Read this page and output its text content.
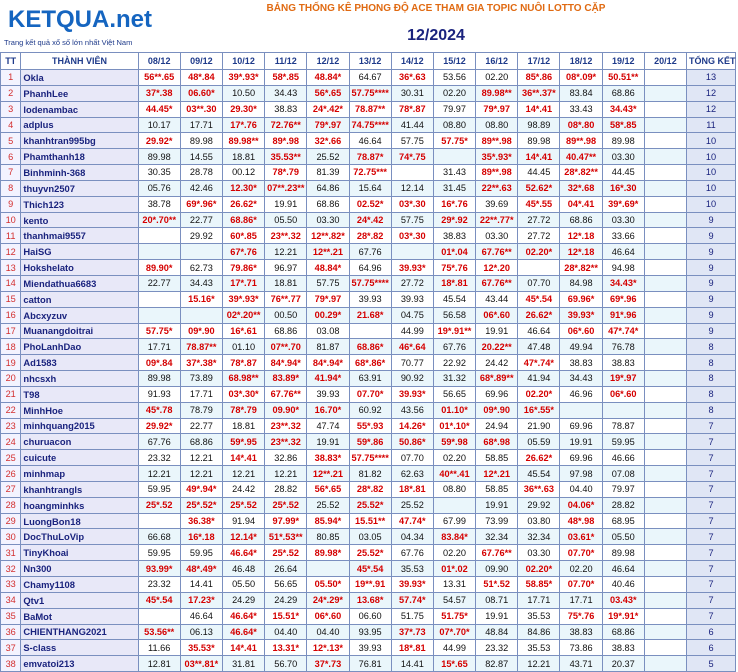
KETQUA.net
Trang kết quả xổ số lớn nhất Việt Nam
BẢNG THỐNG KÊ PHONG ĐỘ ACE THAM GIA TOPIC NUÔI LOTTO CẶP
12/2024
TT	THÀNH VIÊN	08/12	09/12	10/12	11/12	12/12	13/12	14/12	15/12	16/12	17/12	18/12	19/12	20/12	TỔNG KẾT
1	Okla	56**.65	48*.84	39*.93*	58*.85	48.84*	64.67	36*.63	53.56	02.20	85*.86	08*.09*	50.51**		13
2	PhanhLee	37*.38	06.60*	10.50	34.43	56*.65	57.75****	30.31	02.20	89.98**	36**.37*	83.84	68.86		12
3	lodenambac	44.45*	03**.30	29.30*	38.83	24*.42*	78.87**	78*.87	79.97	79*.97	14*.41	33.43	34.43*		12
4	adplus	10.17	17.71	17*.76	72.76**	79*.97	74.75****	41.44	08.80	08.80	98.89	08*.80	58*.85		11
5	khanhtran995bg	29.92*	89.98	89.98**	89*.98	32*.66	46.64	57.75	57.75*	89**.98	89.98	89**.98	89.98		10
6	Phamthanh18	89.98	14.55	18.81	35.53**	25.52	78.87*	74*.75		35*.93*	14*.41	40.47**	03.30		10
7	Binhminh-368	30.35	28.78	00.12	78*.79	81.39	72.75***		31.43	89**.98	44.45	28*.82**	44.45		10
8	thuyvn2507	05.76	42.46	12.30*	07**.23**	64.86	15.64	12.14	31.45	22**.63	52.62*	32*.68	16*.30		10
9	Thich123	38.78	69*.96*	26.62*	19.91	68.86	02.52*	03*.30	16*.76	39.69	45*.55	04*.41	39*.69*		10
10	kento	20*.70**	22.77	68.86*	05.50	03.30	24*.42	57.75	29*.92	22**.77*	27.72	68.86	03.30		9
11	thanhmai9557		29.92	60*.85	23**.32	12**.82*	28*.82	03*.30	38.83	03.30	27.72	12*.18	33.66		9
12	HaiSG			67*.76	12.21	12**.21	67.76		01*.04	67.76**	02.20*	12*.18	46.64		9
13	Hokshelato	89.90*	62.73	79.86*	96.97	48.84*	64.96	39.93*	75*.76	12*.20		28*.82**	94.98		9
14	Miendathua6683	22.77	34.43	17*.71	18.81	57.75	57.75****	27.72	18*.81	67.76**	07.70	84.98	34.43*		9
15	catton		15.16*	39*.93*	76**.77	79*.97	39.93	39.93	45.54	43.44	45*.54	69.96*	69*.96		9
16	Abcxyzuv			02*.20**	00.50	00.29*	21.68*	04.75	56.58	06*.60	26.62*	39.93*	91*.96		9
17	Muanangdoitrai	57.75*	09*.90	16*.61	68.86	03.08		44.99	19*.91**	19.91	46.64	06*.60	47*.74*		9
18	PhoLanhDao	17.71	78.87**	01.10	07**.70	81.87	68.86*	46*.64	67.76	20.22**	47.48	49.94	76.78		8
19	Ad1583	09*.84	37*.38*	78*.87	84*.94*	84*.94*	68*.86*	70.77	22.92	24.42	47*.74*	38.83	38.83		8
20	nhcsxh	89.98	73.89	68.98**	83.89*	41.94*	63.91	90.92	31.32	68*.89**	41.94	34.43	19*.97		8
21	T98	91.93	17.71	03*.30*	67.76**	39.93	07.70*	39.93*	56.65	69.96	02.20*	46.96	06*.60		8
22	MinhHoe	45*.78	78.79	78*.79	09.90*	16.70*	60.92	43.56	01.10*	09*.90	16*.55*				8
23	minhquang2015	29.92*	22.77	18.81	23**.32	47.74	55*.93	14.26*	01*.10*	24.94	21.90	69.96	78.87		7
24	churuacon	67.76	68.86	59*.95	23**.32	19.91	59*.86	50.86*	59*.98	68*.98	05.59	19.91	59.95		7
25	cuicute	23.32	12.21	14*.41	32.86	38.83*	57.75****	07.70	02.20	58.85	26.62*	69.96	46.66		7
26	minhmap	12.21	12.21	12.21	12.21	12**.21	81.82	62.63	40**.41	12*.21	45.54	97.98	07.08		7
27	khanhtrangls	59.95	49*.94*	24.42	28.82	56*.65	28*.82	18*.81	08.80	58.85	36**.63	04.40	79.97		7
28	hoangminhks	25*.52	25*.52*	25*.52	25*.52	25.52	25.52*	25.52		19.91	29.92	04.06*	28.82		7
29	LuongBon18		36.38*	91.94	97.99*	85.94*	15.51**	47.74*	67.99	73.99	03.80	48*.98	68.95		7
30	DocThuLoVip	66.68	16*.18	12.14*	51*.53**	80.85	03.05	04.34	83.84*	32.34	32.34	03.61*	05.50		7
31	TinyKhoai	59.95	59.95	46.64*	25*.52	89.98*	25.52*	67.76	02.20	67.76**	03.30	07.70*	89.98		7
32	Nn300	93.99*	48*.49*	46.48	26.64		45*.54	35.53	01*.02	09.90	02.20*	02.20	46.64		7
33	Chamy1108	23.32	14.41	05.50	56.65	05.50*	19**.91	39.93*	13.31	51*.52	58.85*	07.70*	40.46		7
34	Qtv1	45*.54	17.23*	24.29	24.29	24*.29*	13.68*	57.74*	54.57	08.71	17.71	17.71	03.43*		7
35	BaMot		46.64	46.64*	15.51*	06*.60	06.60	51.75	51.75*	19.91	35.53	75*.76	19*.91*		7
36	CHIENTHANG2021	53.56**	06.13	46.64*	04.40	04.40	93.95	37*.73	07*.70*	48.84	84.86	38.83	68.86		6
37	S-class	11.66	35.53*	14*.41	13.31*	12*.13*	39.93	18*.81	44.99	23.32	35.53	73.86	38.83		6
38	emvatoi213	12.81	03**.81*	31.81	56.70	37*.73	76.81	14.41	15*.65	82.87	12.21	43.71	20.37		5
